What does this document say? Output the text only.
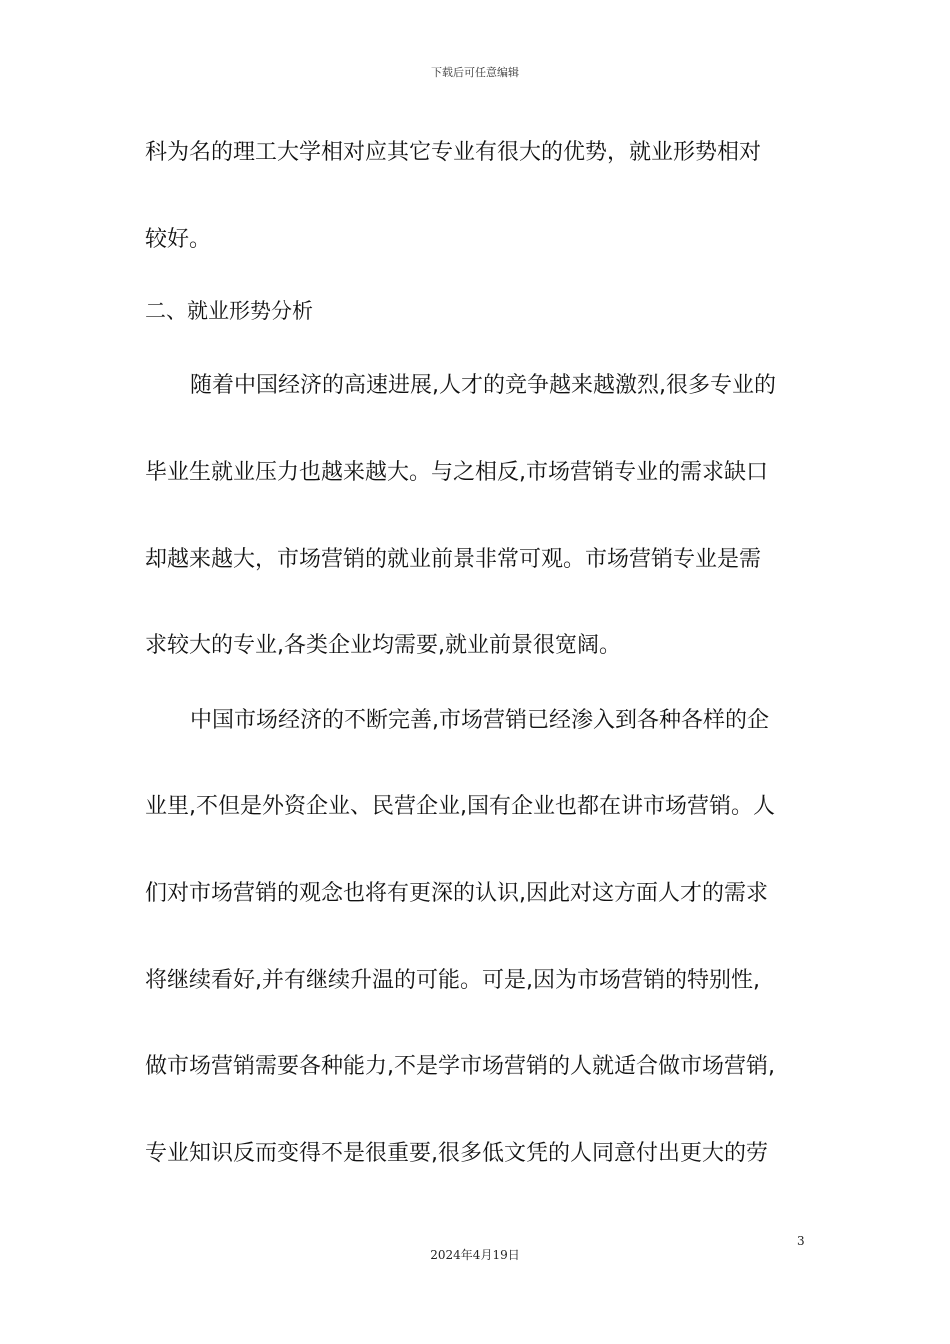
下载后可任意编辑
科为名的理工大学相对应其它专业有很大的优势，就业形势相对
较好。
二、就业形势分析
随着中国经济的高速进展,人才的竞争越来越激烈,很多专业的
毕业生就业压力也越来越大。与之相反,市场营销专业的需求缺口
却越来越大，市场营销的就业前景非常可观。市场营销专业是需
求较大的专业,各类企业均需要,就业前景很宽阔。
中国市场经济的不断完善,市场营销已经渗入到各种各样的企
业里,不但是外资企业、民营企业,国有企业也都在讲市场营销。人
们对市场营销的观念也将有更深的认识,因此对这方面人才的需求
将继续看好,并有继续升温的可能。可是,因为市场营销的特别性,
做市场营销需要各种能力,不是学市场营销的人就适合做市场营销,
专业知识反而变得不是很重要,很多低文凭的人同意付出更大的劳
3
2024年4月19日
